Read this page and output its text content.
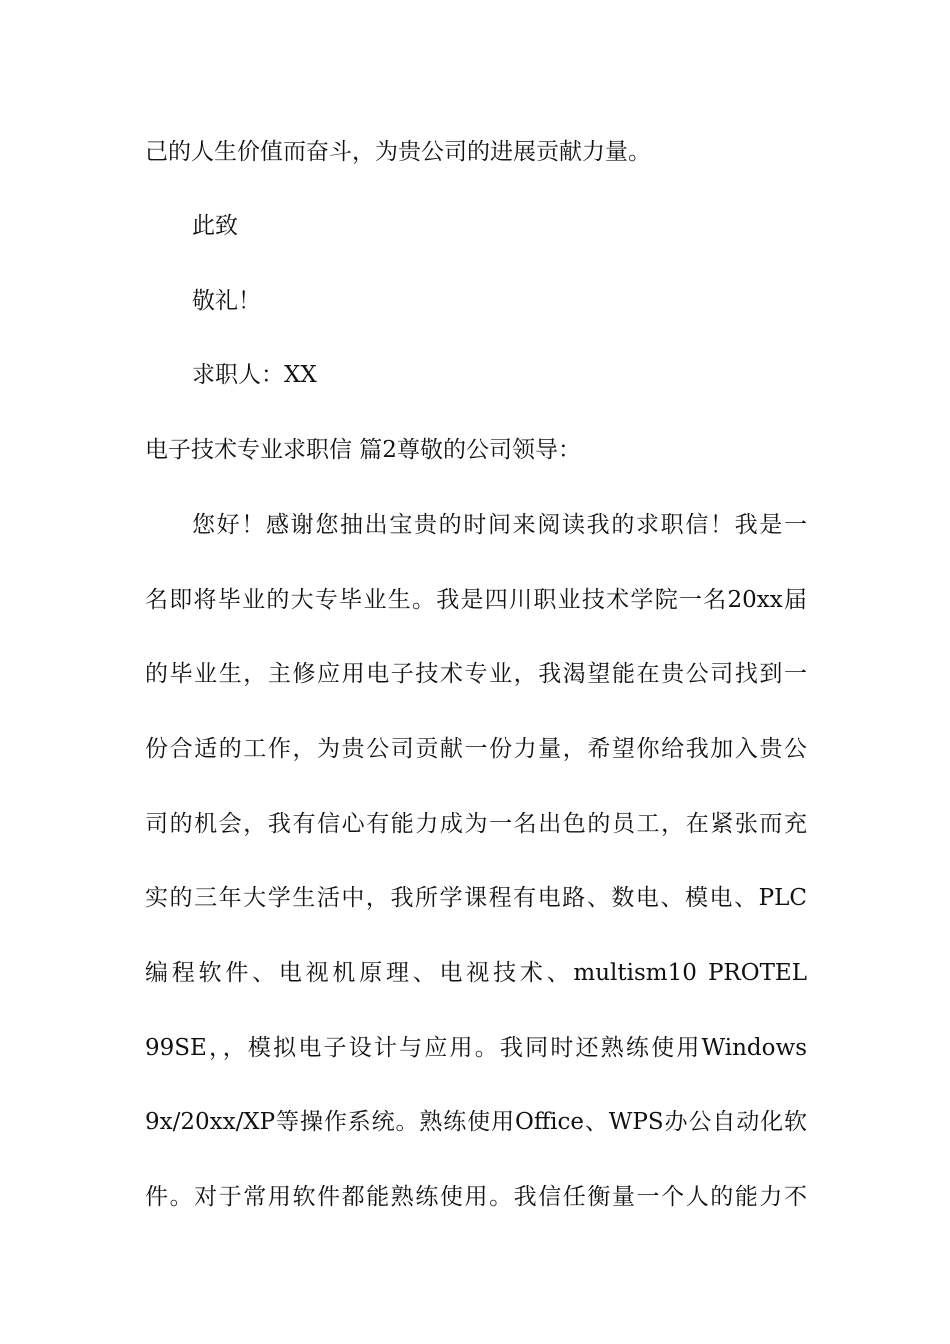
己的人生价值而奋斗，为贵公司的进展贡献力量。
此致
敬礼！
求职人：XX
电子技术专业求职信 篇2尊敬的公司领导：
您好！感谢您抽出宝贵的时间来阅读我的求职信！我是一
名即将毕业的大专毕业生。我是四川职业技术学院一名20xx届
的毕业生，主修应用电子技术专业，我渴望能在贵公司找到一
份合适的工作，为贵公司贡献一份力量，希望你给我加入贵公
司的机会，我有信心有能力成为一名出色的员工，在紧张而充
实的三年大学生活中，我所学课程有电路、数电、模电、PLC
编程软件、电视机原理、电视技术、multism10 PROTEL
99SE，，模拟电子设计与应用。我同时还熟练使用Windows
9x/20xx/XP等操作系统。熟练使用Office、WPS办公自动化软
件。对于常用软件都能熟练使用。我信任衡量一个人的能力不
